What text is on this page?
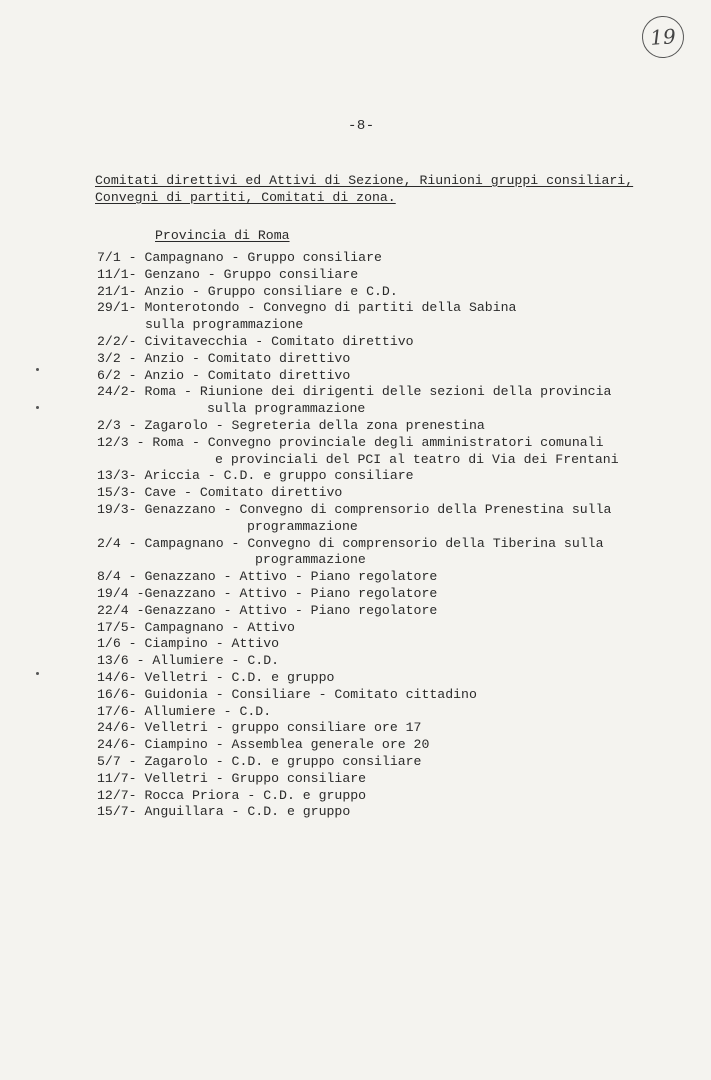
19
-8-
Comitati direttivi ed Attivi di Sezione, Riunioni gruppi consiliari,
Convegni di partiti, Comitati di zona.
Provincia di Roma
7/1 - Campagnano - Gruppo consiliare
11/1- Genzano - Gruppo consiliare
21/1- Anzio - Gruppo consiliare e C.D.
29/1- Monterotondo - Convegno di partiti della Sabina
sulla programmazione
2/2/- Civitavecchia - Comitato direttivo
3/2 - Anzio - Comitato direttivo
6/2 - Anzio - Comitato direttivo
24/2- Roma - Riunione dei dirigenti delle sezioni della provincia
sulla programmazione
2/3 - Zagarolo - Segreteria della zona prenestina
12/3 - Roma - Convegno provinciale degli amministratori comunali
e provinciali del PCI al teatro di Via dei Frentani
13/3- Ariccia - C.D. e gruppo consiliare
15/3- Cave - Comitato direttivo
19/3- Genazzano - Convegno di comprensorio della Prenestina sulla
programmazione
2/4 - Campagnano - Convegno di comprensorio della Tiberina sulla
programmazione
8/4 - Genazzano - Attivo - Piano regolatore
19/4 -Genazzano - Attivo - Piano regolatore
22/4 -Genazzano - Attivo - Piano regolatore
17/5- Campagnano - Attivo
1/6 - Ciampino - Attivo
13/6 - Allumiere - C.D.
14/6- Velletri - C.D. e gruppo
16/6- Guidonia - Consiliare - Comitato cittadino
17/6- Allumiere - C.D.
24/6- Velletri - gruppo consiliare ore 17
24/6- Ciampino - Assemblea generale ore 20
5/7 - Zagarolo - C.D. e gruppo consiliare
11/7- Velletri - Gruppo consiliare
12/7- Rocca Priora - C.D. e gruppo
15/7- Anguillara - C.D. e gruppo
